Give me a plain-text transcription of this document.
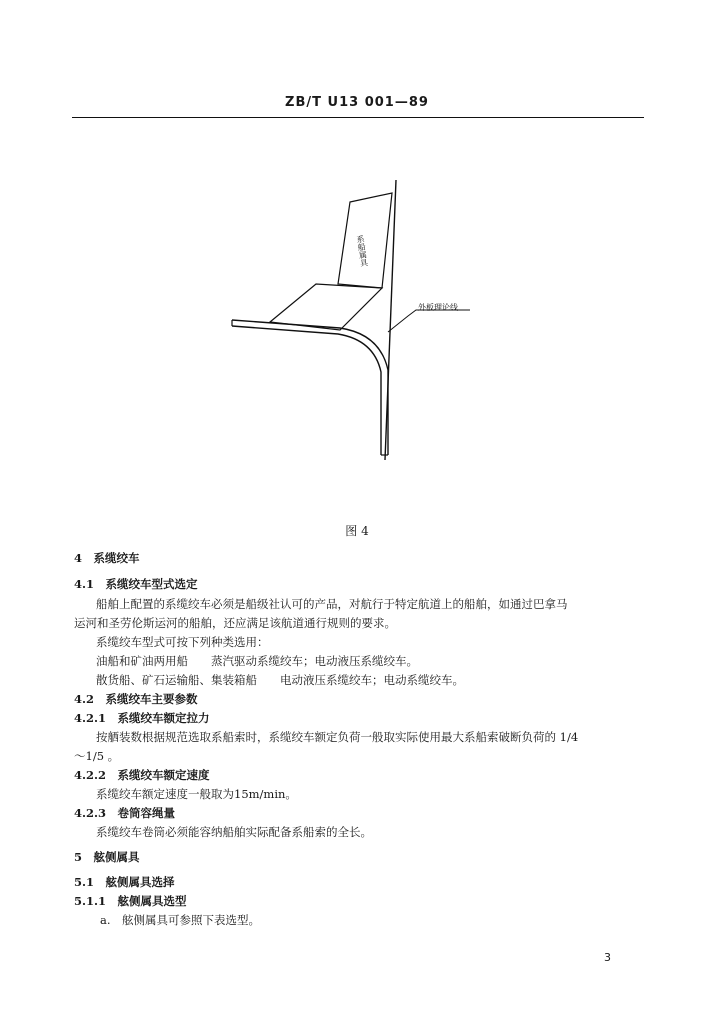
ZB/T U13 001—89
系船属具
外板理论线
图 4
4　系缆绞车
4.1　系缆绞车型式选定
船舶上配置的系缆绞车必须是船级社认可的产品，对航行于特定航道上的船舶，如通过巴拿马
运河和圣劳伦斯运河的船舶，还应满足该航道通行规则的要求。
系缆绞车型式可按下列种类选用：
油船和矿油两用船　　蒸汽驱动系缆绞车；电动液压系缆绞车。
散货船、矿石运输船、集装箱船　　电动液压系缆绞车；电动系缆绞车。
4.2　系缆绞车主要参数
4.2.1　系缆绞车额定拉力
按舾装数根据规范选取系船索时，系缆绞车额定负荷一般取实际使用最大系船索破断负荷的 1/4
～1/5 。
4.2.2　系缆绞车额定速度
系缆绞车额定速度一般取为15m/min。
4.2.3　卷筒容绳量
系缆绞车卷筒必须能容纳船舶实际配备系船索的全长。
5　舷侧属具
5.1　舷侧属具选择
5.1.1　舷侧属具选型
a.　舷侧属具可参照下表选型。
3
